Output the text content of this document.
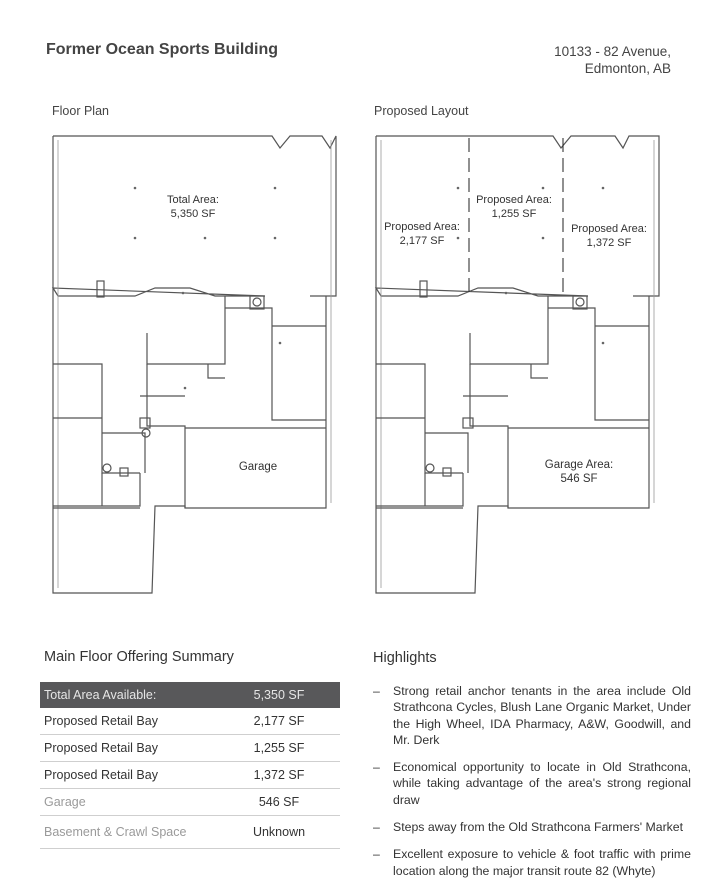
Former Ocean Sports Building	10133 - 82 Avenue,
Edmonton, AB
Floor Plan	Proposed Layout
Total Area:
5,350 SF
Garage
Proposed Area:
2,177 SF
Proposed Area:
1,255 SF
Proposed Area:
1,372 SF
Garage Area:
546 SF
Main Floor Offering Summary
Total Area Available:	5,350 SF
Proposed Retail Bay	2,177 SF
Proposed Retail Bay	1,255 SF
Proposed Retail Bay	1,372 SF
Garage	546 SF
Basement & Crawl Space	Unknown
Highlights
– Strong retail anchor tenants in the area include Old Strathcona Cycles, Blush Lane Organic Market, Under the High Wheel, IDA Pharmacy, A&W, Goodwill, and Mr. Derk
– Economical opportunity to locate in Old Strathcona, while taking advantage of the area's strong regional draw
– Steps away from the Old Strathcona Farmers' Market
– Excellent exposure to vehicle & foot traffic with prime location along the major transit route 82 (Whyte)
